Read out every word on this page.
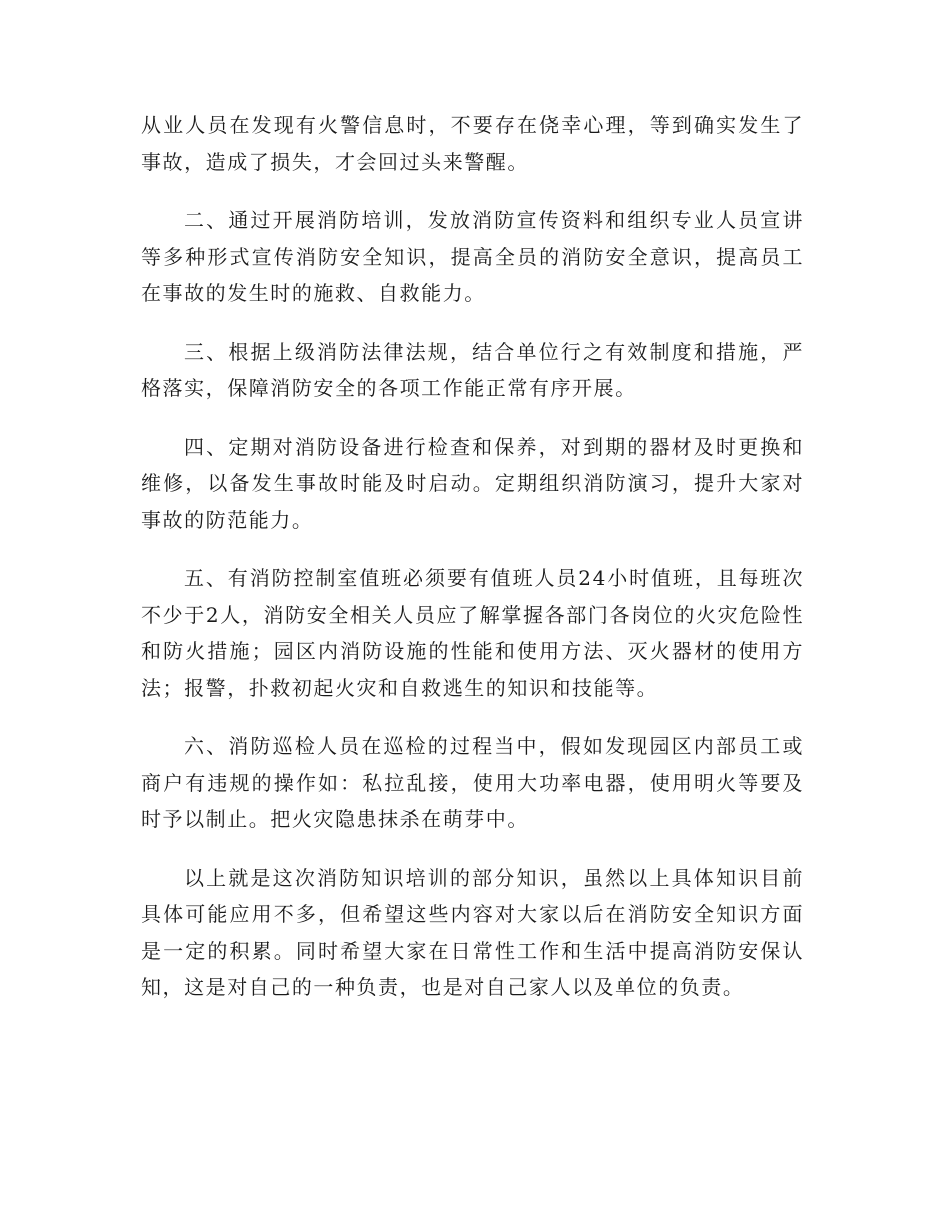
从业人员在发现有火警信息时，不要存在侥幸心理，等到确实发生了事故，造成了损失，才会回过头来警醒。

二、通过开展消防培训，发放消防宣传资料和组织专业人员宣讲等多种形式宣传消防安全知识，提高全员的消防安全意识，提高员工在事故的发生时的施救、自救能力。

三、根据上级消防法律法规，结合单位行之有效制度和措施，严格落实，保障消防安全的各项工作能正常有序开展。

四、定期对消防设备进行检查和保养，对到期的器材及时更换和维修，以备发生事故时能及时启动。定期组织消防演习，提升大家对事故的防范能力。

五、有消防控制室值班必须要有值班人员24小时值班，且每班次不少于2人，消防安全相关人员应了解掌握各部门各岗位的火灾危险性和防火措施；园区内消防设施的性能和使用方法、灭火器材的使用方法；报警，扑救初起火灾和自救逃生的知识和技能等。

六、消防巡检人员在巡检的过程当中，假如发现园区内部员工或商户有违规的操作如：私拉乱接，使用大功率电器，使用明火等要及时予以制止。把火灾隐患抹杀在萌芽中。

以上就是这次消防知识培训的部分知识，虽然以上具体知识目前具体可能应用不多，但希望这些内容对大家以后在消防安全知识方面是一定的积累。同时希望大家在日常性工作和生活中提高消防安保认知，这是对自己的一种负责，也是对自己家人以及单位的负责。
